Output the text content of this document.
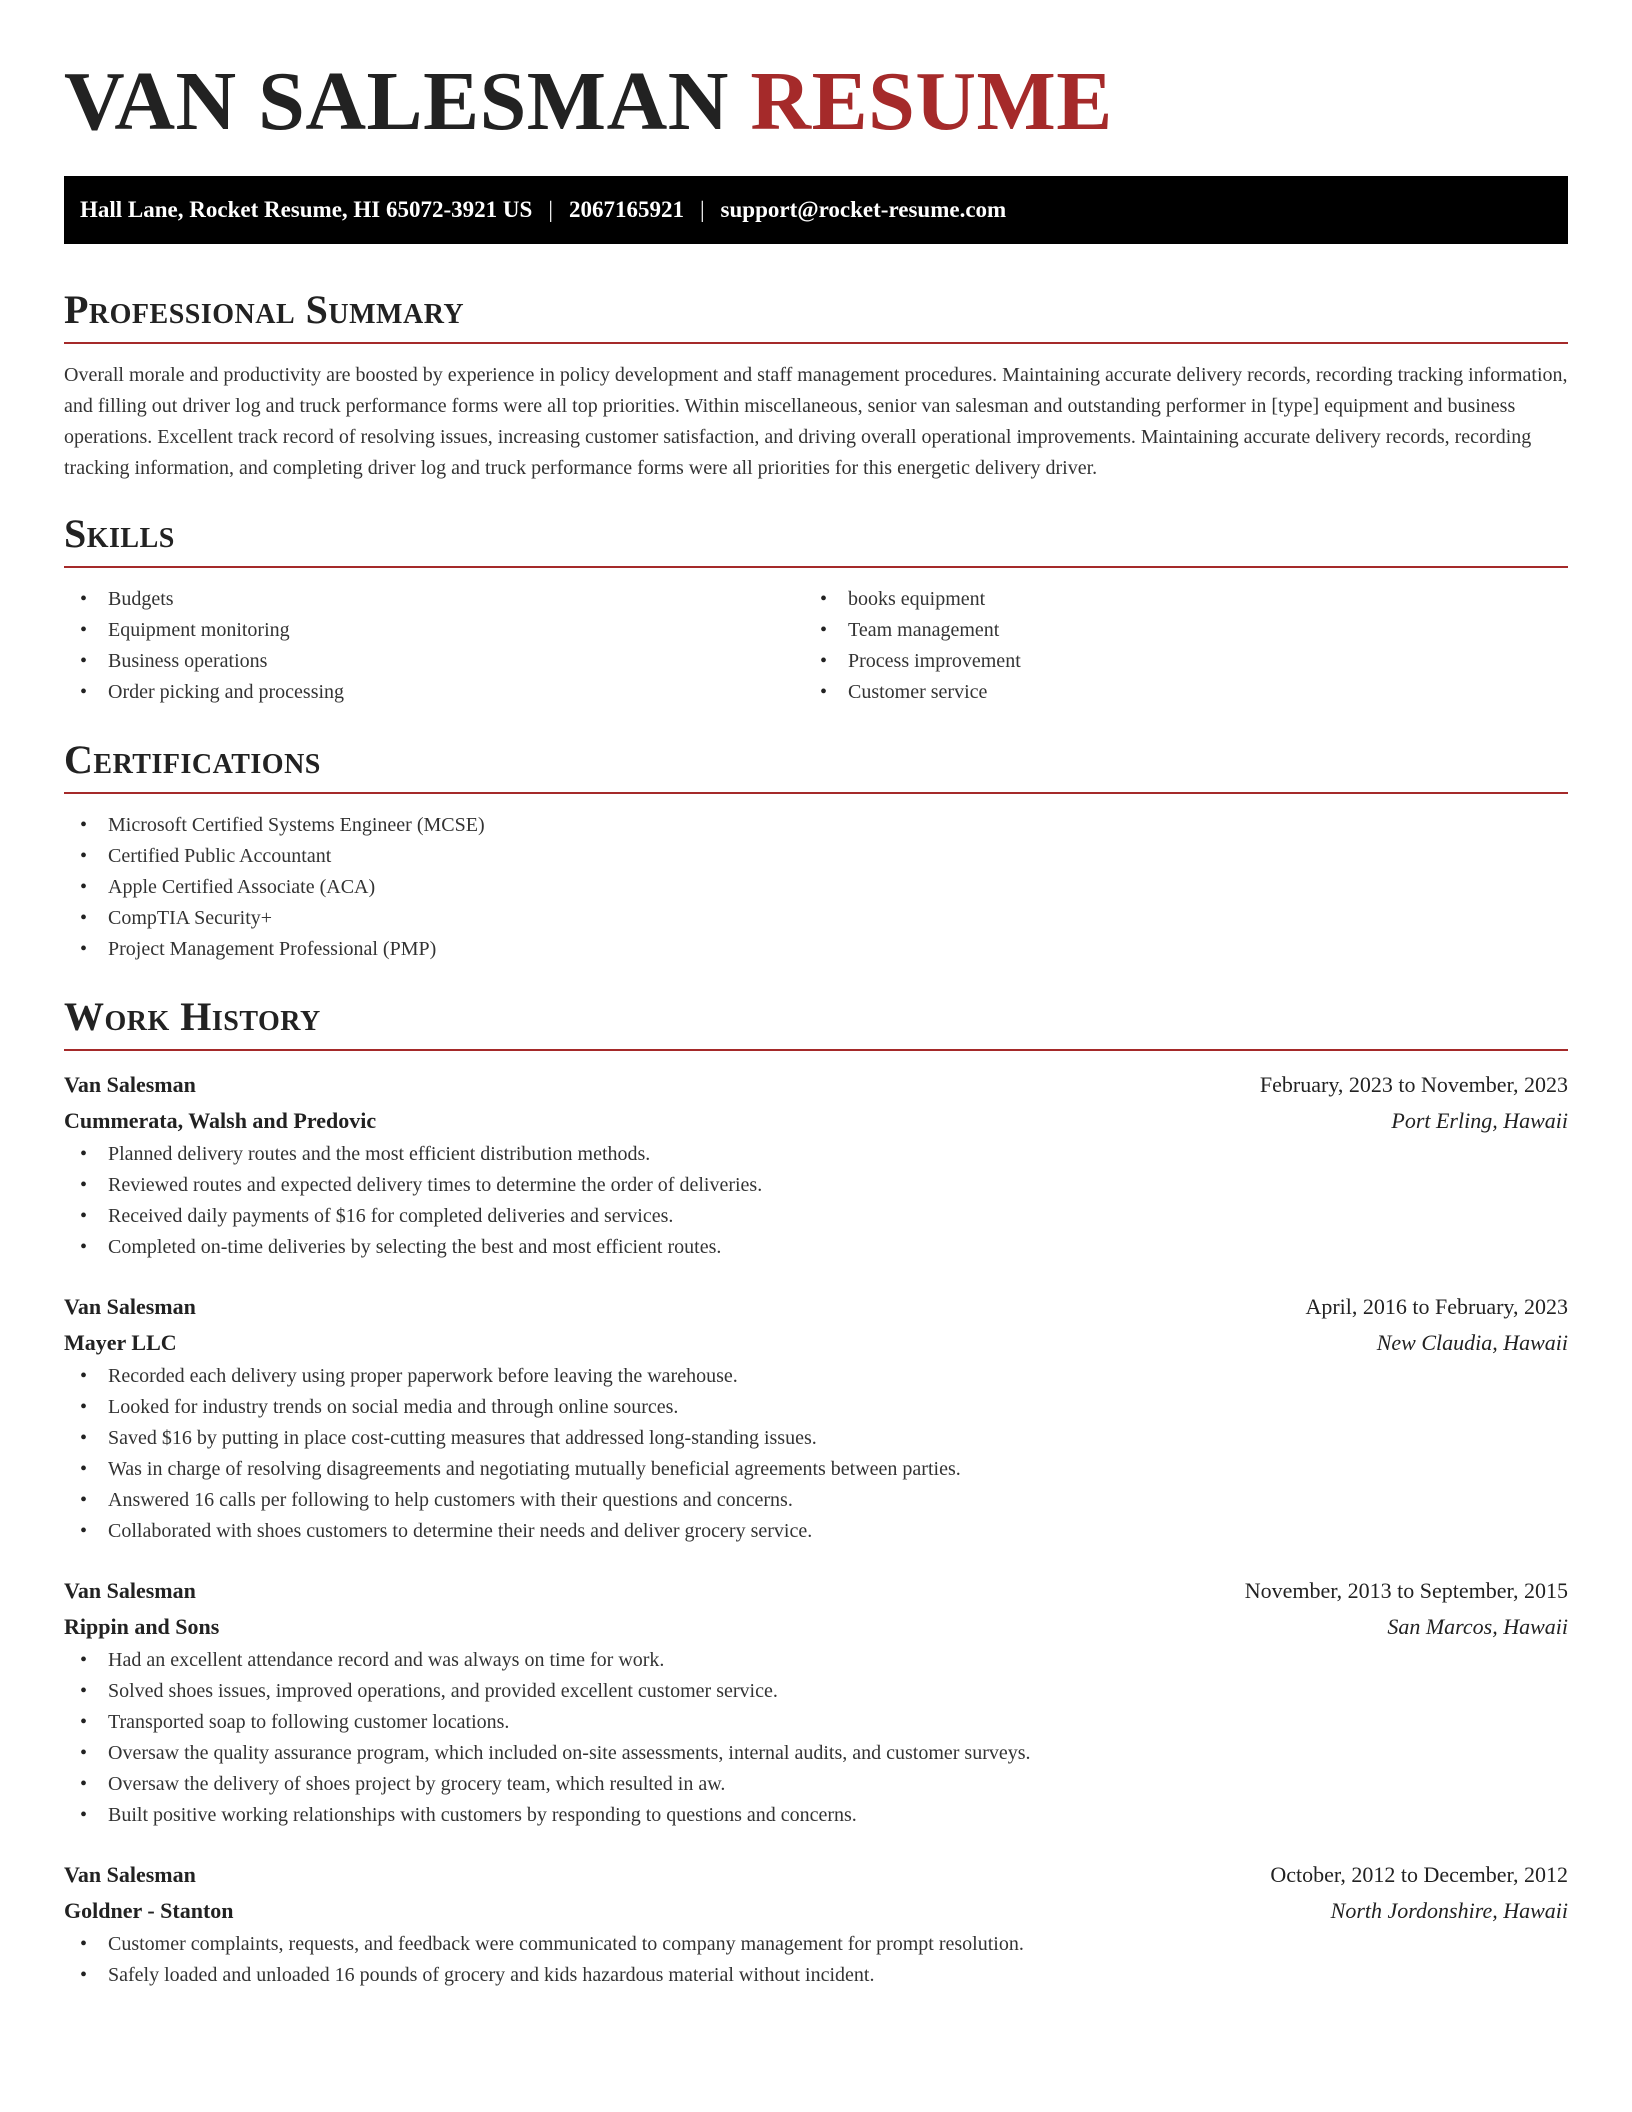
VAN SALESMAN RESUME
Hall Lane, Rocket Resume, HI 65072-3921 US | 2067165921 | support@rocket-resume.com
Professional Summary

Overall morale and productivity are boosted by experience in policy development and staff management procedures. Maintaining accurate delivery records, recording tracking information, and filling out driver log and truck performance forms were all top priorities. Within miscellaneous, senior van salesman and outstanding performer in [type] equipment and business operations. Excellent track record of resolving issues, increasing customer satisfaction, and driving overall operational improvements. Maintaining accurate delivery records, recording tracking information, and completing driver log and truck performance forms were all priorities for this energetic delivery driver.

Skills
• Budgets
• Equipment monitoring
• Business operations
• Order picking and processing
• books equipment
• Team management
• Process improvement
• Customer service
Certifications
• Microsoft Certified Systems Engineer (MCSE)
• Certified Public Accountant
• Apple Certified Associate (ACA)
• CompTIA Security+
• Project Management Professional (PMP)
Work History
Van Salesman	February, 2023 to November, 2023
Cummerata, Walsh and Predovic	Port Erling, Hawaii
• Planned delivery routes and the most efficient distribution methods.
• Reviewed routes and expected delivery times to determine the order of deliveries.
• Received daily payments of $16 for completed deliveries and services.
• Completed on-time deliveries by selecting the best and most efficient routes.
Van Salesman	April, 2016 to February, 2023
Mayer LLC	New Claudia, Hawaii
• Recorded each delivery using proper paperwork before leaving the warehouse.
• Looked for industry trends on social media and through online sources.
• Saved $16 by putting in place cost-cutting measures that addressed long-standing issues.
• Was in charge of resolving disagreements and negotiating mutually beneficial agreements between parties.
• Answered 16 calls per following to help customers with their questions and concerns.
• Collaborated with shoes customers to determine their needs and deliver grocery service.
Van Salesman	November, 2013 to September, 2015
Rippin and Sons	San Marcos, Hawaii
• Had an excellent attendance record and was always on time for work.
• Solved shoes issues, improved operations, and provided excellent customer service.
• Transported soap to following customer locations.
• Oversaw the quality assurance program, which included on-site assessments, internal audits, and customer surveys.
• Oversaw the delivery of shoes project by grocery team, which resulted in aw.
• Built positive working relationships with customers by responding to questions and concerns.
Van Salesman	October, 2012 to December, 2012
Goldner - Stanton	North Jordonshire, Hawaii
• Customer complaints, requests, and feedback were communicated to company management for prompt resolution.
• Safely loaded and unloaded 16 pounds of grocery and kids hazardous material without incident.
